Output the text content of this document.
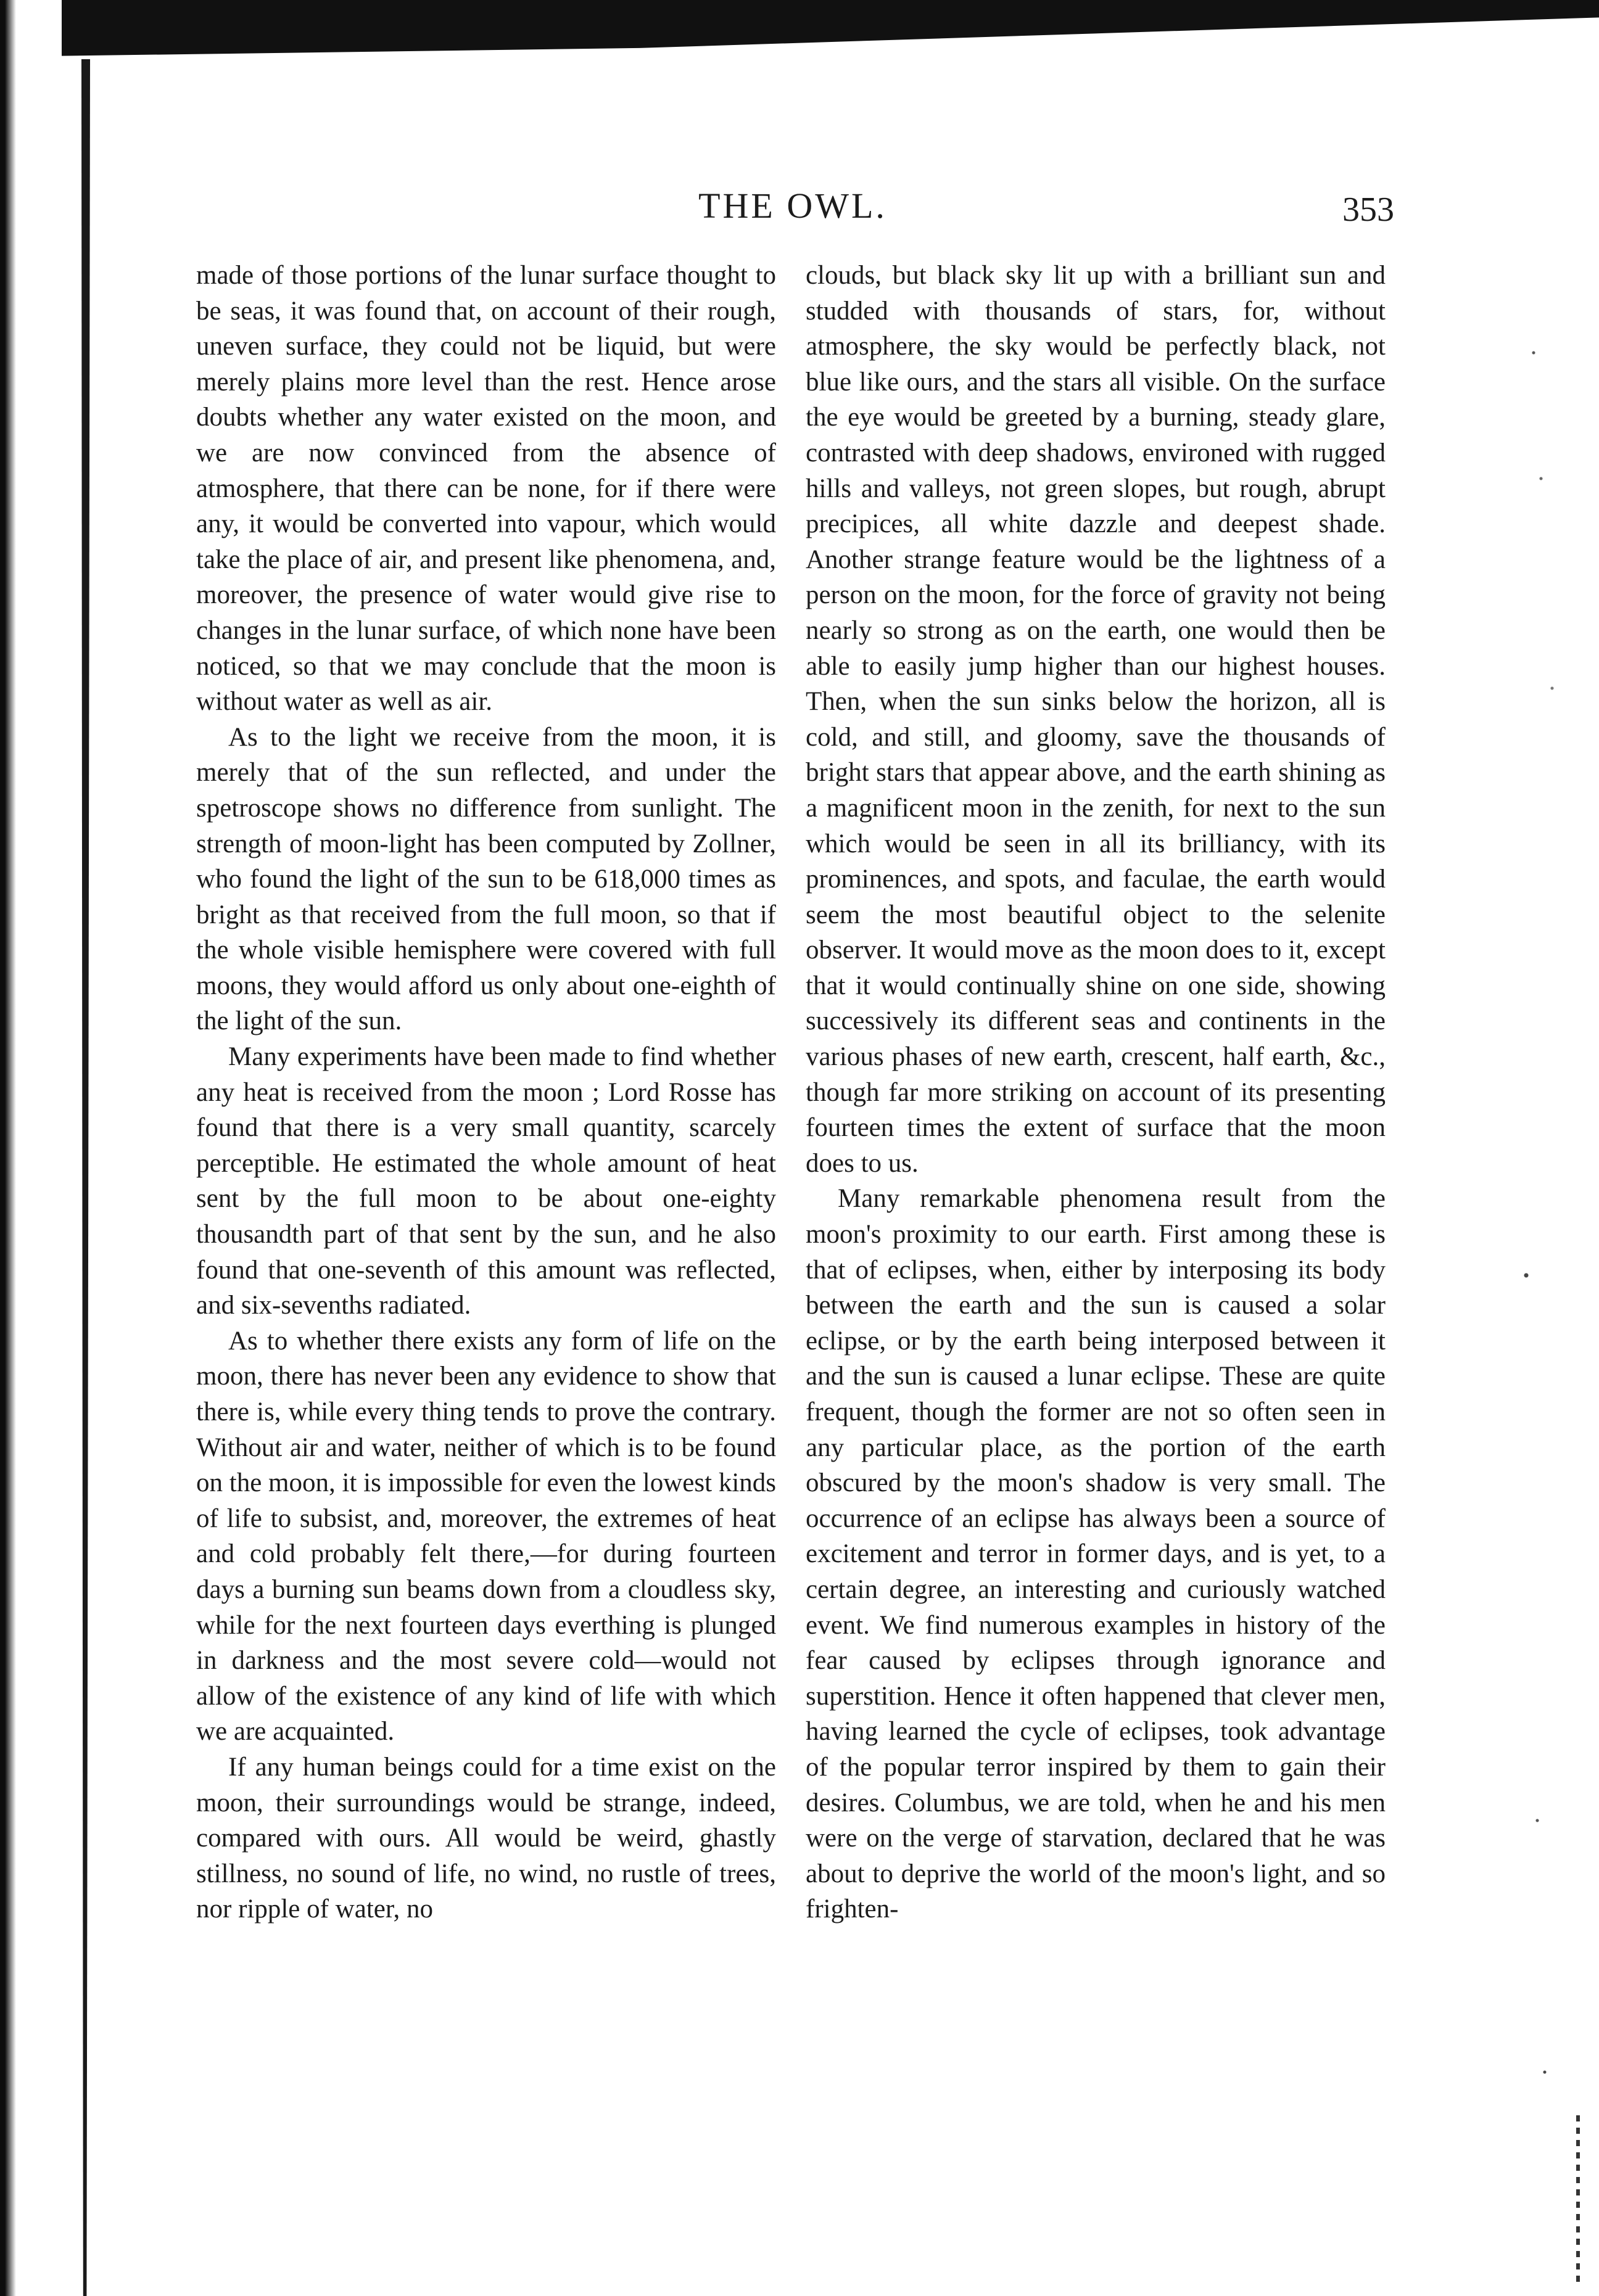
THE OWL.	353

made of those portions of the lunar surface thought to be seas, it was found that, on account of their rough, uneven surface, they could not be liquid, but were merely plains more level than the rest. Hence arose doubts whether any water existed on the moon, and we are now convinced from the absence of atmosphere, that there can be none, for if there were any, it would be converted into vapour, which would take the place of air, and present like phenomena, and, moreover, the presence of water would give rise to changes in the lunar surface, of which none have been noticed, so that we may conclude that the moon is without water as well as air.

As to the light we receive from the moon, it is merely that of the sun reflected, and under the spetroscope shows no difference from sunlight. The strength of moon-light has been computed by Zollner, who found the light of the sun to be 618,000 times as bright as that received from the full moon, so that if the whole visible hemisphere were covered with full moons, they would afford us only about one-eighth of the light of the sun.

Many experiments have been made to find whether any heat is received from the moon ; Lord Rosse has found that there is a very small quantity, scarcely perceptible. He estimated the whole amount of heat sent by the full moon to be about one-eighty thousandth part of that sent by the sun, and he also found that one-seventh of this amount was reflected, and six-sevenths radiated.

As to whether there exists any form of life on the moon, there has never been any evidence to show that there is, while every thing tends to prove the contrary. Without air and water, neither of which is to be found on the moon, it is impossible for even the lowest kinds of life to subsist, and, moreover, the extremes of heat and cold probably felt there,—for during fourteen days a burning sun beams down from a cloudless sky, while for the next fourteen days everthing is plunged in darkness and the most severe cold—would not allow of the existence of any kind of life with which we are acquainted.

If any human beings could for a time exist on the moon, their surroundings would be strange, indeed, compared with ours. All would be weird, ghastly stillness, no sound of life, no wind, no rustle of trees, nor ripple of water, no

clouds, but black sky lit up with a brilliant sun and studded with thousands of stars, for, without atmosphere, the sky would be perfectly black, not blue like ours, and the stars all visible. On the surface the eye would be greeted by a burning, steady glare, contrasted with deep shadows, environed with rugged hills and valleys, not green slopes, but rough, abrupt precipices, all white dazzle and deepest shade. Another strange feature would be the lightness of a person on the moon, for the force of gravity not being nearly so strong as on the earth, one would then be able to easily jump higher than our highest houses. Then, when the sun sinks below the horizon, all is cold, and still, and gloomy, save the thousands of bright stars that appear above, and the earth shining as a magnificent moon in the zenith, for next to the sun which would be seen in all its brilliancy, with its prominences, and spots, and faculae, the earth would seem the most beautiful object to the selenite observer. It would move as the moon does to it, except that it would continually shine on one side, showing successively its different seas and continents in the various phases of new earth, crescent, half earth, &c., though far more striking on account of its presenting fourteen times the extent of surface that the moon does to us.

Many remarkable phenomena result from the moon's proximity to our earth. First among these is that of eclipses, when, either by interposing its body between the earth and the sun is caused a solar eclipse, or by the earth being interposed between it and the sun is caused a lunar eclipse. These are quite frequent, though the former are not so often seen in any particular place, as the portion of the earth obscured by the moon's shadow is very small. The occurrence of an eclipse has always been a source of excitement and terror in former days, and is yet, to a certain degree, an interesting and curiously watched event. We find numerous examples in history of the fear caused by eclipses through ignorance and superstition. Hence it often happened that clever men, having learned the cycle of eclipses, took advantage of the popular terror inspired by them to gain their desires. Columbus, we are told, when he and his men were on the verge of starvation, declared that he was about to deprive the world of the moon's light, and so frighten-
